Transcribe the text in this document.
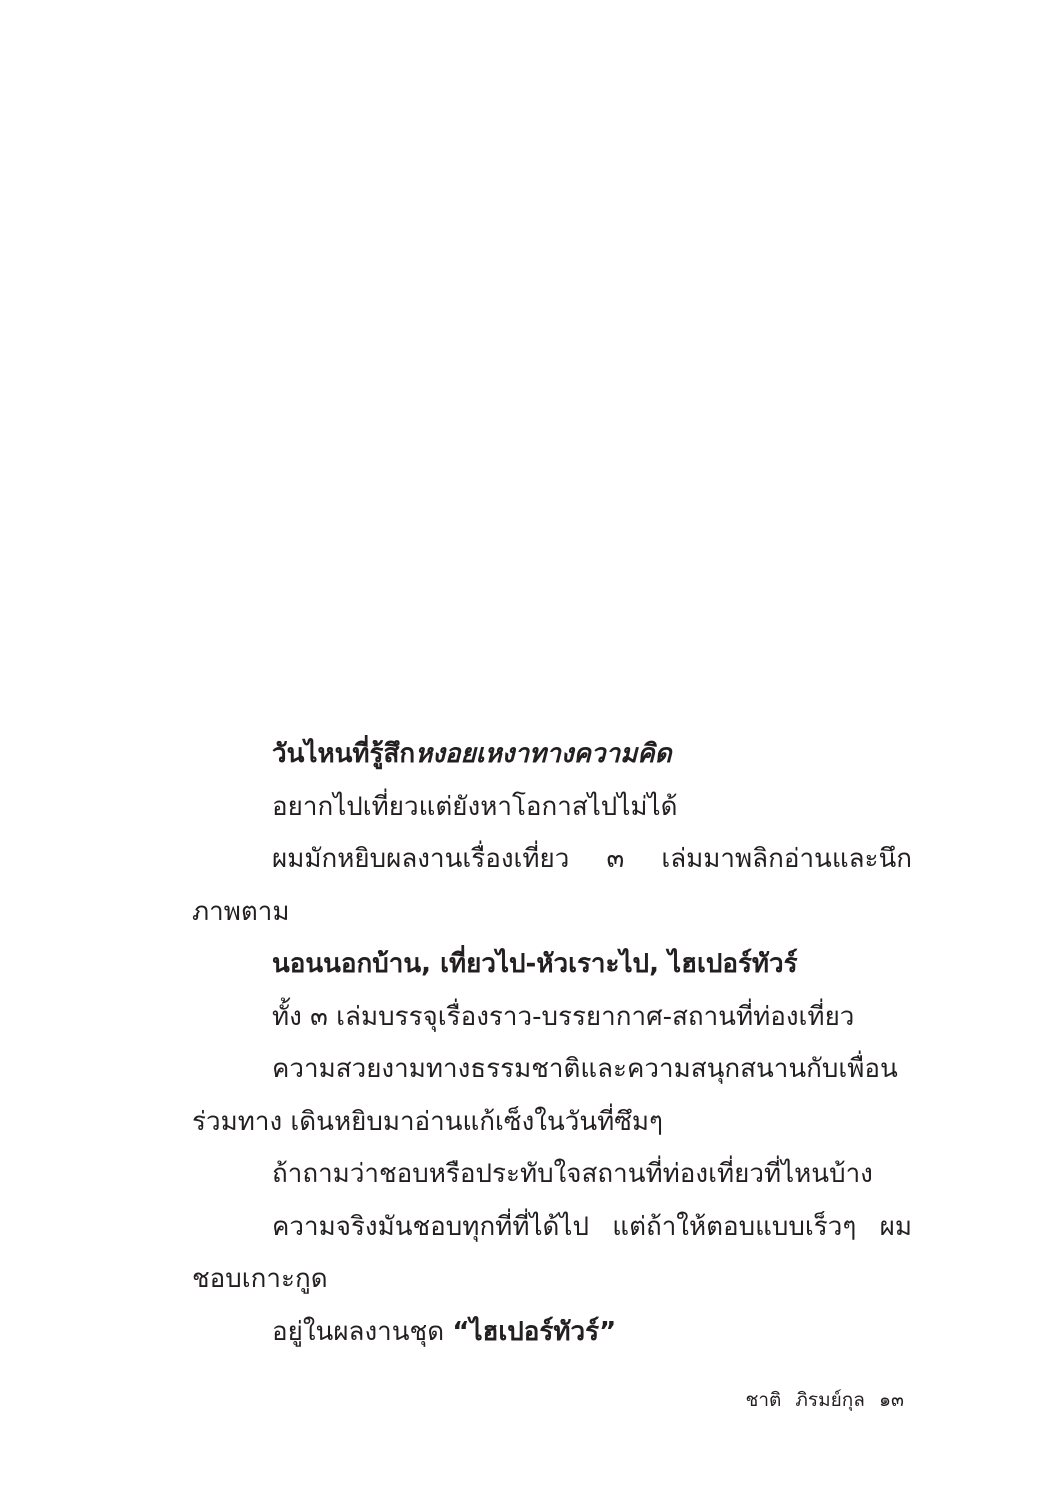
วันไหนที่รู้สึกหงอยเหงาทางความคิด
อยากไปเที่ยวแต่ยังหาโอกาสไปไม่ได้
ผมมักหยิบผลงานเรื่องเที่ยว ๓ เล่มมาพลิกอ่านและนึก
ภาพตาม
นอนนอกบ้าน, เที่ยวไป-หัวเราะไป, ไฮเปอร์ทัวร์
ทั้ง ๓ เล่มบรรจุเรื่องราว-บรรยากาศ-สถานที่ท่องเที่ยว
ความสวยงามทางธรรมชาติและความสนุกสนานกับเพื่อน
ร่วมทาง เดินหยิบมาอ่านแก้เซ็งในวันที่ซึมๆ
ถ้าถามว่าชอบหรือประทับใจสถานที่ท่องเที่ยวที่ไหนบ้าง
ความจริงมันชอบทุกที่ที่ได้ไป แต่ถ้าให้ตอบแบบเร็วๆ ผม
ชอบเกาะกูด
อยู่ในผลงานชุด “ไฮเปอร์ทัวร์”
ชาติ ภิรมย์กุล ๑๓
